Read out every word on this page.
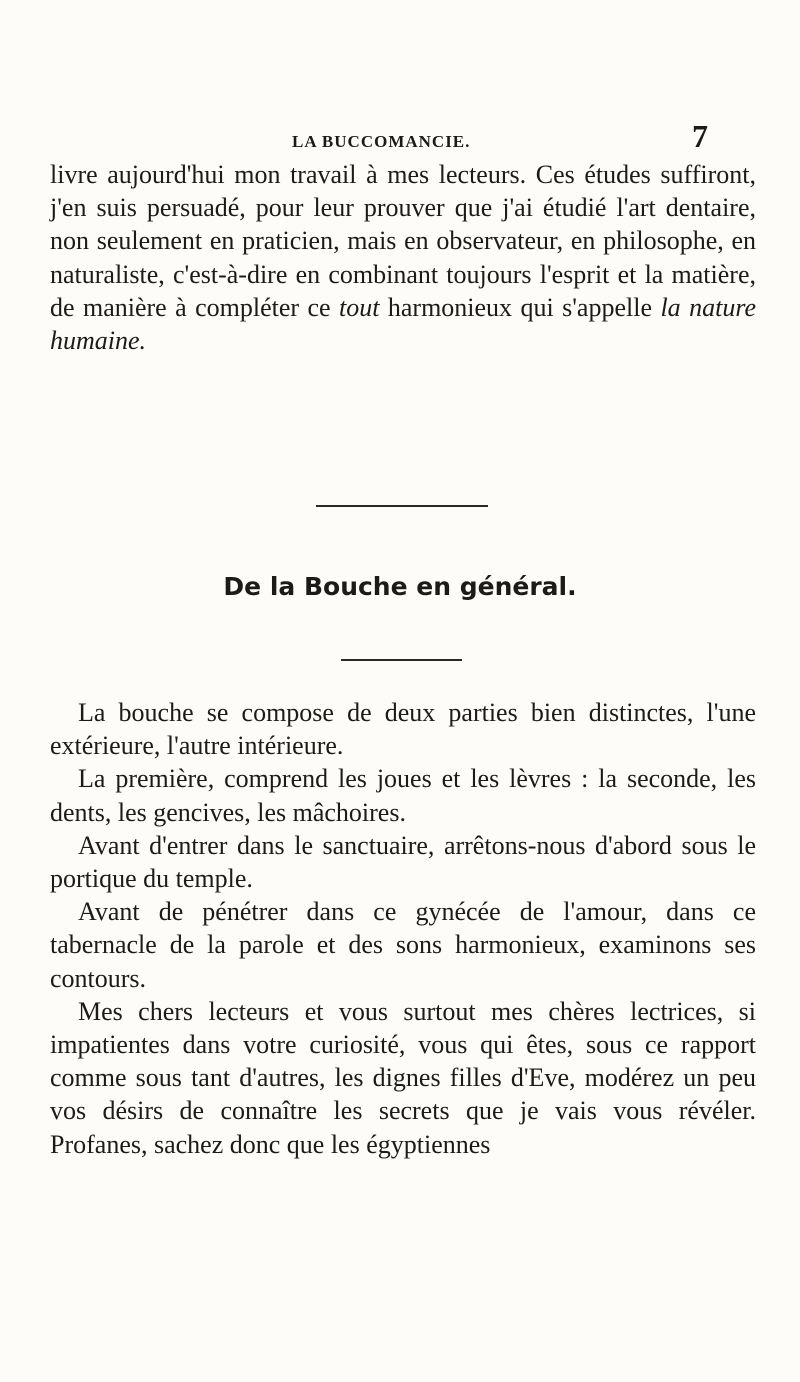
LA BUCCOMANCIE.	7

livre aujourd'hui mon travail à mes lecteurs. Ces études suffiront, j'en suis persuadé, pour leur prouver que j'ai étudié l'art dentaire, non seulement en praticien, mais en observateur, en philosophe, en naturaliste, c'est-à-dire en combinant toujours l'esprit et la matière, de manière à compléter ce tout harmonieux qui s'appelle la nature humaine.

De la Bouche en général.

La bouche se compose de deux parties bien distinctes, l'une extérieure, l'autre intérieure.

La première, comprend les joues et les lèvres : la seconde, les dents, les gencives, les mâchoires.

Avant d'entrer dans le sanctuaire, arrêtons-nous d'abord sous le portique du temple.

Avant de pénétrer dans ce gynécée de l'amour, dans ce tabernacle de la parole et des sons harmonieux, examinons ses contours.

Mes chers lecteurs et vous surtout mes chères lectrices, si impatientes dans votre curiosité, vous qui êtes, sous ce rapport comme sous tant d'autres, les dignes filles d'Eve, modérez un peu vos désirs de connaître les secrets que je vais vous révéler. Profanes, sachez donc que les égyptiennes
